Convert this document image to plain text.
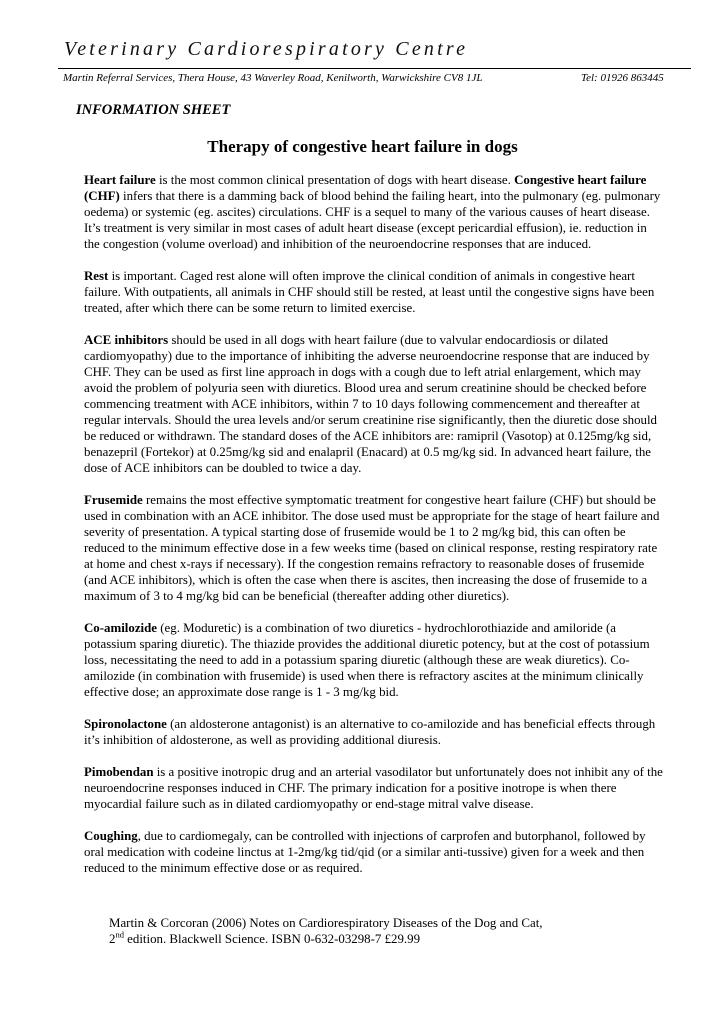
Veterinary Cardiorespiratory Centre
Martin Referral Services, Thera House, 43 Waverley Road, Kenilworth, Warwickshire CV8 1JL	Tel: 01926 863445
INFORMATION SHEET
Therapy of congestive heart failure in dogs

Heart failure is the most common clinical presentation of dogs with heart disease. Congestive heart failure (CHF) infers that there is a damming back of blood behind the failing heart, into the pulmonary (eg. pulmonary oedema) or systemic (eg. ascites) circulations. CHF is a sequel to many of the various causes of heart disease. It’s treatment is very similar in most cases of adult heart disease (except pericardial effusion), ie. reduction in the congestion (volume overload) and inhibition of the neuroendocrine responses that are induced.

Rest is important. Caged rest alone will often improve the clinical condition of animals in congestive heart failure. With outpatients, all animals in CHF should still be rested, at least until the congestive signs have been treated, after which there can be some return to limited exercise.

ACE inhibitors should be used in all dogs with heart failure (due to valvular endocardiosis or dilated cardiomyopathy) due to the importance of inhibiting the adverse neuroendocrine response that are induced by CHF. They can be used as first line approach in dogs with a cough due to left atrial enlargement, which may avoid the problem of polyuria seen with diuretics. Blood urea and serum creatinine should be checked before commencing treatment with ACE inhibitors, within 7 to 10 days following commencement and thereafter at regular intervals. Should the urea levels and/or serum creatinine rise significantly, then the diuretic dose should be reduced or withdrawn. The standard doses of the ACE inhibitors are: ramipril (Vasotop) at 0.125mg/kg sid, benazepril (Fortekor) at 0.25mg/kg sid and enalapril (Enacard) at 0.5 mg/kg sid. In advanced heart failure, the dose of ACE inhibitors can be doubled to twice a day.

Frusemide remains the most effective symptomatic treatment for congestive heart failure (CHF) but should be used in combination with an ACE inhibitor. The dose used must be appropriate for the stage of heart failure and severity of presentation. A typical starting dose of frusemide would be 1 to 2 mg/kg bid, this can often be reduced to the minimum effective dose in a few weeks time (based on clinical response, resting respiratory rate at home and chest x-rays if necessary). If the congestion remains refractory to reasonable doses of frusemide (and ACE inhibitors), which is often the case when there is ascites, then increasing the dose of frusemide to a maximum of 3 to 4 mg/kg bid can be beneficial (thereafter adding other diuretics).

Co-amilozide (eg. Moduretic) is a combination of two diuretics - hydrochlorothiazide and amiloride (a potassium sparing diuretic). The thiazide provides the additional diuretic potency, but at the cost of potassium loss, necessitating the need to add in a potassium sparing diuretic (although these are weak diuretics). Co-amilozide (in combination with frusemide) is used when there is refractory ascites at the minimum clinically effective dose; an approximate dose range is 1 - 3 mg/kg bid.

Spironolactone (an aldosterone antagonist) is an alternative to co-amilozide and has beneficial effects through it’s inhibition of aldosterone, as well as providing additional diuresis.

Pimobendan is a positive inotropic drug and an arterial vasodilator but unfortunately does not inhibit any of the neuroendocrine responses induced in CHF. The primary indication for a positive inotrope is when there myocardial failure such as in dilated cardiomyopathy or end-stage mitral valve disease.

Coughing, due to cardiomegaly, can be controlled with injections of carprofen and butorphanol, followed by oral medication with codeine linctus at 1-2mg/kg tid/qid (or a similar anti-tussive) given for a week and then reduced to the minimum effective dose or as required.

Martin & Corcoran (2006) Notes on Cardiorespiratory Diseases of the Dog and Cat,
2nd edition. Blackwell Science. ISBN 0-632-03298-7 £29.99
